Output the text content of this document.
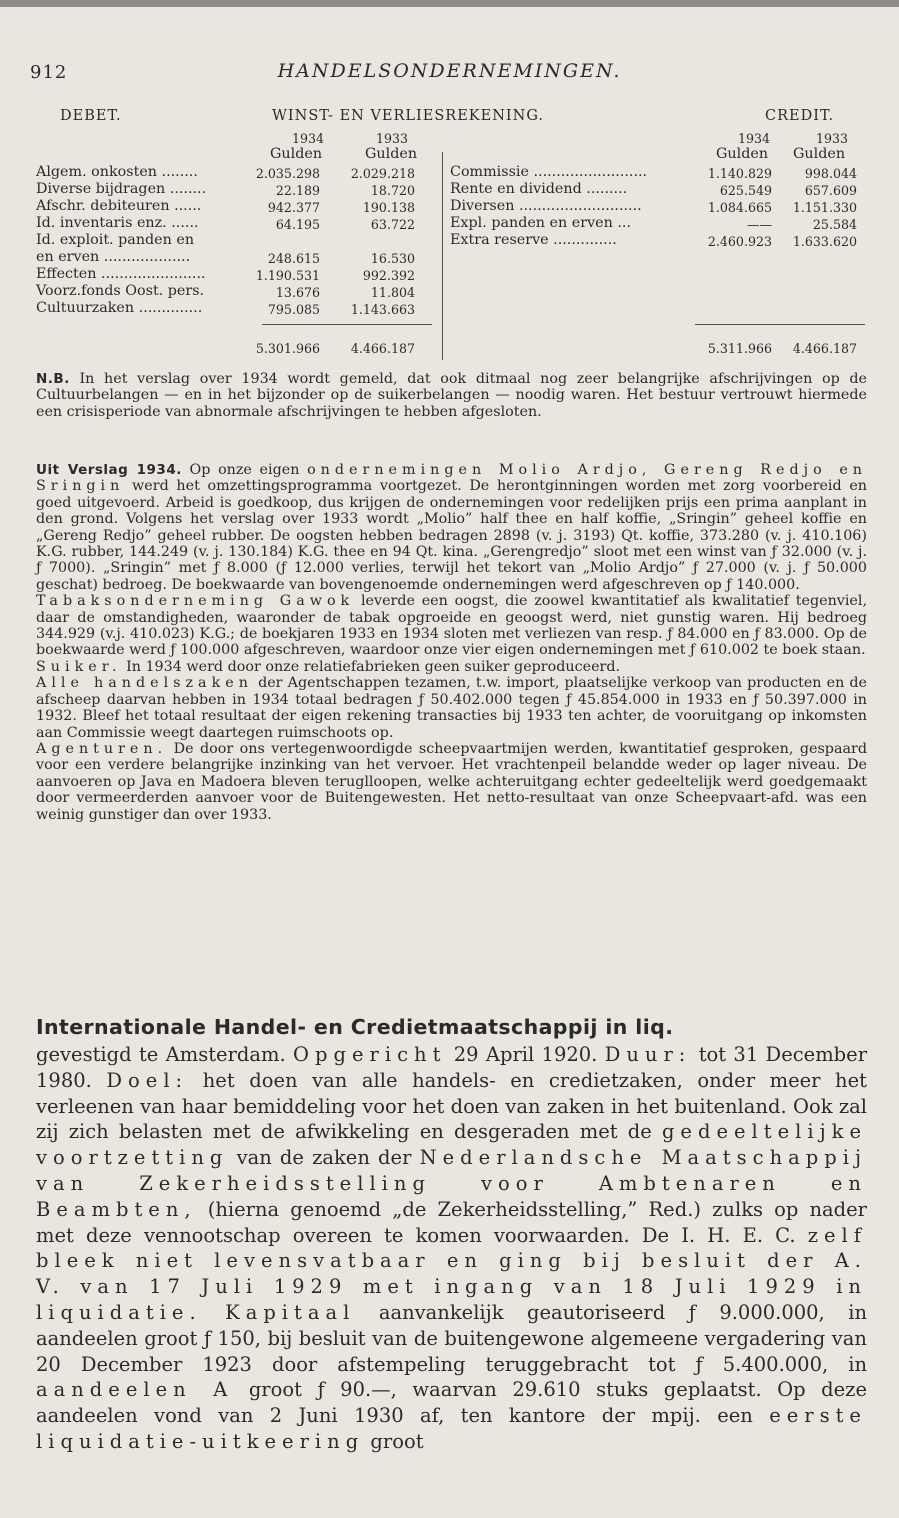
912	HANDELSONDERNEMINGEN.
DEBET.	WINST- EN VERLIESREKENING.	CREDIT.
1934	1933
Gulden	Gulden
1934	1933
Gulden Gulden
Algem. onkosten ........	2.035.298	2.029.218
Diverse bijdragen ........	22.189	18.720
Afschr. debiteuren ......	942.377	190.138
Id. inventaris enz. ......	64.195	63.722
Id. exploit. panden en
en erven ...................	248.615	16.530
Effecten .......................	1.190.531	992.392
Voorz.fonds Oost. pers.	13.676	11.804
Cultuurzaken ..............	795.085	1.143.663
5.301.966	4.466.187
Commissie .........................	1.140.829	998.044
Rente en dividend .........	625.549	657.609
Diversen ...........................	1.084.665	1.151.330
Expl. panden en erven ...	——	25.584
Extra reserve ..............	2.460.923	1.633.620
5.311.966	4.466.187

N.B. In het verslag over 1934 wordt gemeld, dat ook ditmaal nog zeer belangrijke afschrijvingen op de Cultuurbelangen — en in het bijzonder op de suikerbelangen — noodig waren. Het bestuur vertrouwt hiermede een crisisperiode van abnormale afschrijvingen te hebben afgesloten.

Uit Verslag 1934. Op onze eigen ondernemingen Molio Ardjo, Gereng Redjo en Sringin werd het omzettingsprogramma voortgezet. De herontginningen worden met zorg voorbereid en goed uitgevoerd. Arbeid is goedkoop, dus krijgen de ondernemingen voor redelijken prijs een prima aanplant in den grond. Volgens het verslag over 1933 wordt „Molio” half thee en half koffie, „Sringin” geheel koffie en „Gereng Redjo” geheel rubber. De oogsten hebben bedragen 2898 (v. j. 3193) Qt. koffie, 373.280 (v. j. 410.106) K.G. rubber, 144.249 (v. j. 130.184) K.G. thee en 94 Qt. kina. „Gerengredjo” sloot met een winst van ƒ 32.000 (v. j. ƒ 7000). „Sringin” met ƒ 8.000 (ƒ 12.000 verlies, terwijl het tekort van „Molio Ardjo” ƒ 27.000 (v. j. ƒ 50.000 geschat) bedroeg. De boekwaarde van bovengenoemde ondernemingen werd afgeschreven op ƒ 140.000.

Tabaksonderneming Gawok leverde een oogst, die zoowel kwantitatief als kwalitatief tegenviel, daar de omstandigheden, waaronder de tabak opgroeide en geoogst werd, niet gunstig waren. Hij bedroeg 344.929 (v.j. 410.023) K.G.; de boekjaren 1933 en 1934 sloten met verliezen van resp. ƒ 84.000 en ƒ 83.000. Op de boekwaarde werd ƒ 100.000 afgeschreven, waardoor onze vier eigen ondernemingen met ƒ 610.002 te boek staan.

Suiker. In 1934 werd door onze relatiefabrieken geen suiker geproduceerd.

Alle handelszaken der Agentschappen tezamen, t.w. import, plaatselijke verkoop van producten en de afscheep daarvan hebben in 1934 totaal bedragen ƒ 50.402.000 tegen ƒ 45.854.000 in 1933 en ƒ 50.397.000 in 1932. Bleef het totaal resultaat der eigen rekening transacties bij 1933 ten achter, de vooruitgang op inkomsten aan Commissie weegt daartegen ruimschoots op.

Agenturen. De door ons vertegenwoordigde scheepvaartmijen werden, kwantitatief gesproken, gespaard voor een verdere belangrijke inzinking van het vervoer. Het vrachtenpeil belandde weder op lager niveau. De aanvoeren op Java en Madoera bleven teruglloopen, welke achteruitgang echter gedeeltelijk werd goedgemaakt door vermeerderden aanvoer voor de Buitengewesten. Het netto-resultaat van onze Scheepvaart-afd. was een weinig gunstiger dan over 1933.

Internationale Handel- en Credietmaatschappij in liq.

gevestigd te Amsterdam. Opgericht 29 April 1920. Duur: tot 31 December 1980. Doel: het doen van alle handels- en credietzaken, onder meer het verleenen van haar bemiddeling voor het doen van zaken in het buitenland. Ook zal zij zich belasten met de afwikkeling en desgeraden met de gedeeltelijke voortzetting van de zaken der Nederlandsche Maatschappij van Zekerheidsstelling voor Ambtenaren en Beambten, (hierna genoemd „de Zekerheidsstelling,” Red.) zulks op nader met deze vennootschap overeen te komen voorwaarden. De I. H. E. C. zelf bleek niet levensvatbaar en ging bij besluit der A. V. van 17 Juli 1929 met ingang van 18 Juli 1929 in liquidatie. Kapitaal aanvankelijk geautoriseerd ƒ 9.000.000, in aandeelen groot ƒ 150, bij besluit van de buitengewone algemeene vergadering van 20 December 1923 door afstempeling teruggebracht tot ƒ 5.400.000, in aandeelen A groot ƒ 90.—, waarvan 29.610 stuks geplaatst. Op deze aandeelen vond van 2 Juni 1930 af, ten kantore der mpij. een eerste liquidatie-uitkeering groot
